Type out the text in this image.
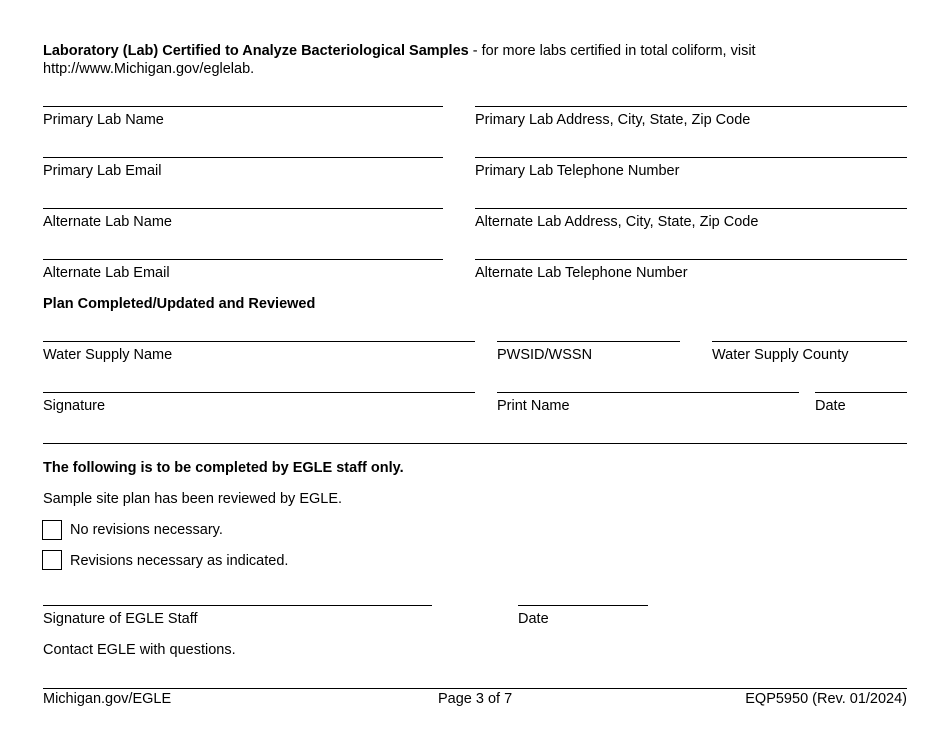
Laboratory (Lab) Certified to Analyze Bacteriological Samples - for more labs certified in total coliform, visit
http://www.Michigan.gov/eglelab.
Primary Lab Name	Primary Lab Address, City, State, Zip Code
Primary Lab Email	Primary Lab Telephone Number
Alternate Lab Name	Alternate Lab Address, City, State, Zip Code
Alternate Lab Email	Alternate Lab Telephone Number
Plan Completed/Updated and Reviewed
Water Supply Name	PWSID/WSSN	Water Supply County
Signature	Print Name	Date
The following is to be completed by EGLE staff only.
Sample site plan has been reviewed by EGLE.
No revisions necessary.
Revisions necessary as indicated.
Signature of EGLE Staff	Date
Contact EGLE with questions.
Michigan.gov/EGLE	Page 3 of 7	EQP5950 (Rev. 01/2024)
